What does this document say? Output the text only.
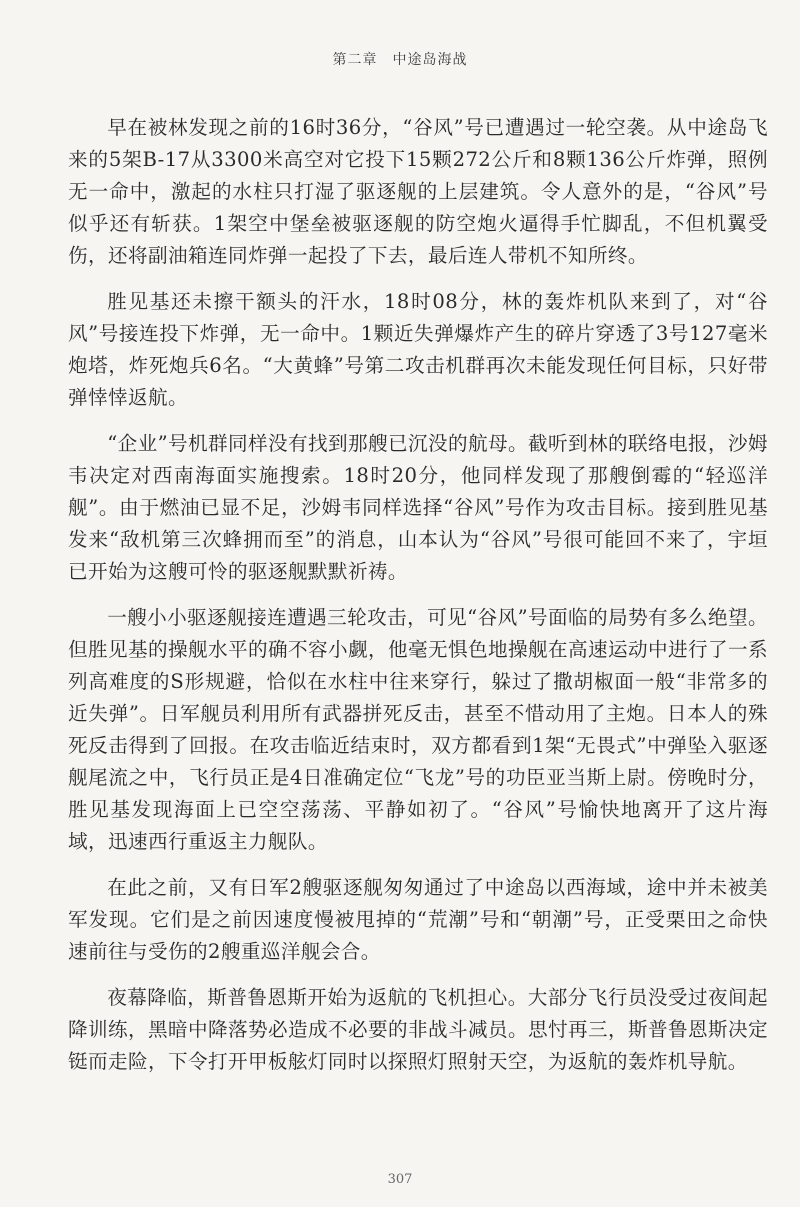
第二章　中途岛海战

早在被林发现之前的16时36分，“谷风”号已遭遇过一轮空袭。从中途岛飞来的5架B-17从3300米高空对它投下15颗272公斤和8颗136公斤炸弹，照例无一命中，激起的水柱只打湿了驱逐舰的上层建筑。令人意外的是，“谷风”号似乎还有斩获。1架空中堡垒被驱逐舰的防空炮火逼得手忙脚乱，不但机翼受伤，还将副油箱连同炸弹一起投了下去，最后连人带机不知所终。

胜见基还未擦干额头的汗水，18时08分，林的轰炸机队来到了，对“谷风”号接连投下炸弹，无一命中。1颗近失弹爆炸产生的碎片穿透了3号127毫米炮塔，炸死炮兵6名。“大黄蜂”号第二攻击机群再次未能发现任何目标，只好带弹悻悻返航。

“企业”号机群同样没有找到那艘已沉没的航母。截听到林的联络电报，沙姆韦决定对西南海面实施搜索。18时20分，他同样发现了那艘倒霉的“轻巡洋舰”。由于燃油已显不足，沙姆韦同样选择“谷风”号作为攻击目标。接到胜见基发来“敌机第三次蜂拥而至”的消息，山本认为“谷风”号很可能回不来了，宇垣已开始为这艘可怜的驱逐舰默默祈祷。

一艘小小驱逐舰接连遭遇三轮攻击，可见“谷风”号面临的局势有多么绝望。但胜见基的操舰水平的确不容小觑，他毫无惧色地操舰在高速运动中进行了一系列高难度的S形规避，恰似在水柱中往来穿行，躲过了撒胡椒面一般“非常多的近失弹”。日军舰员利用所有武器拼死反击，甚至不惜动用了主炮。日本人的殊死反击得到了回报。在攻击临近结束时，双方都看到1架“无畏式”中弹坠入驱逐舰尾流之中，飞行员正是4日准确定位“飞龙”号的功臣亚当斯上尉。傍晚时分，胜见基发现海面上已空空荡荡、平静如初了。“谷风”号愉快地离开了这片海域，迅速西行重返主力舰队。

在此之前，又有日军2艘驱逐舰匆匆通过了中途岛以西海域，途中并未被美军发现。它们是之前因速度慢被甩掉的“荒潮”号和“朝潮”号，正受栗田之命快速前往与受伤的2艘重巡洋舰会合。

夜幕降临，斯普鲁恩斯开始为返航的飞机担心。大部分飞行员没受过夜间起降训练，黑暗中降落势必造成不必要的非战斗减员。思忖再三，斯普鲁恩斯决定铤而走险，下令打开甲板舷灯同时以探照灯照射天空，为返航的轰炸机导航。

307
